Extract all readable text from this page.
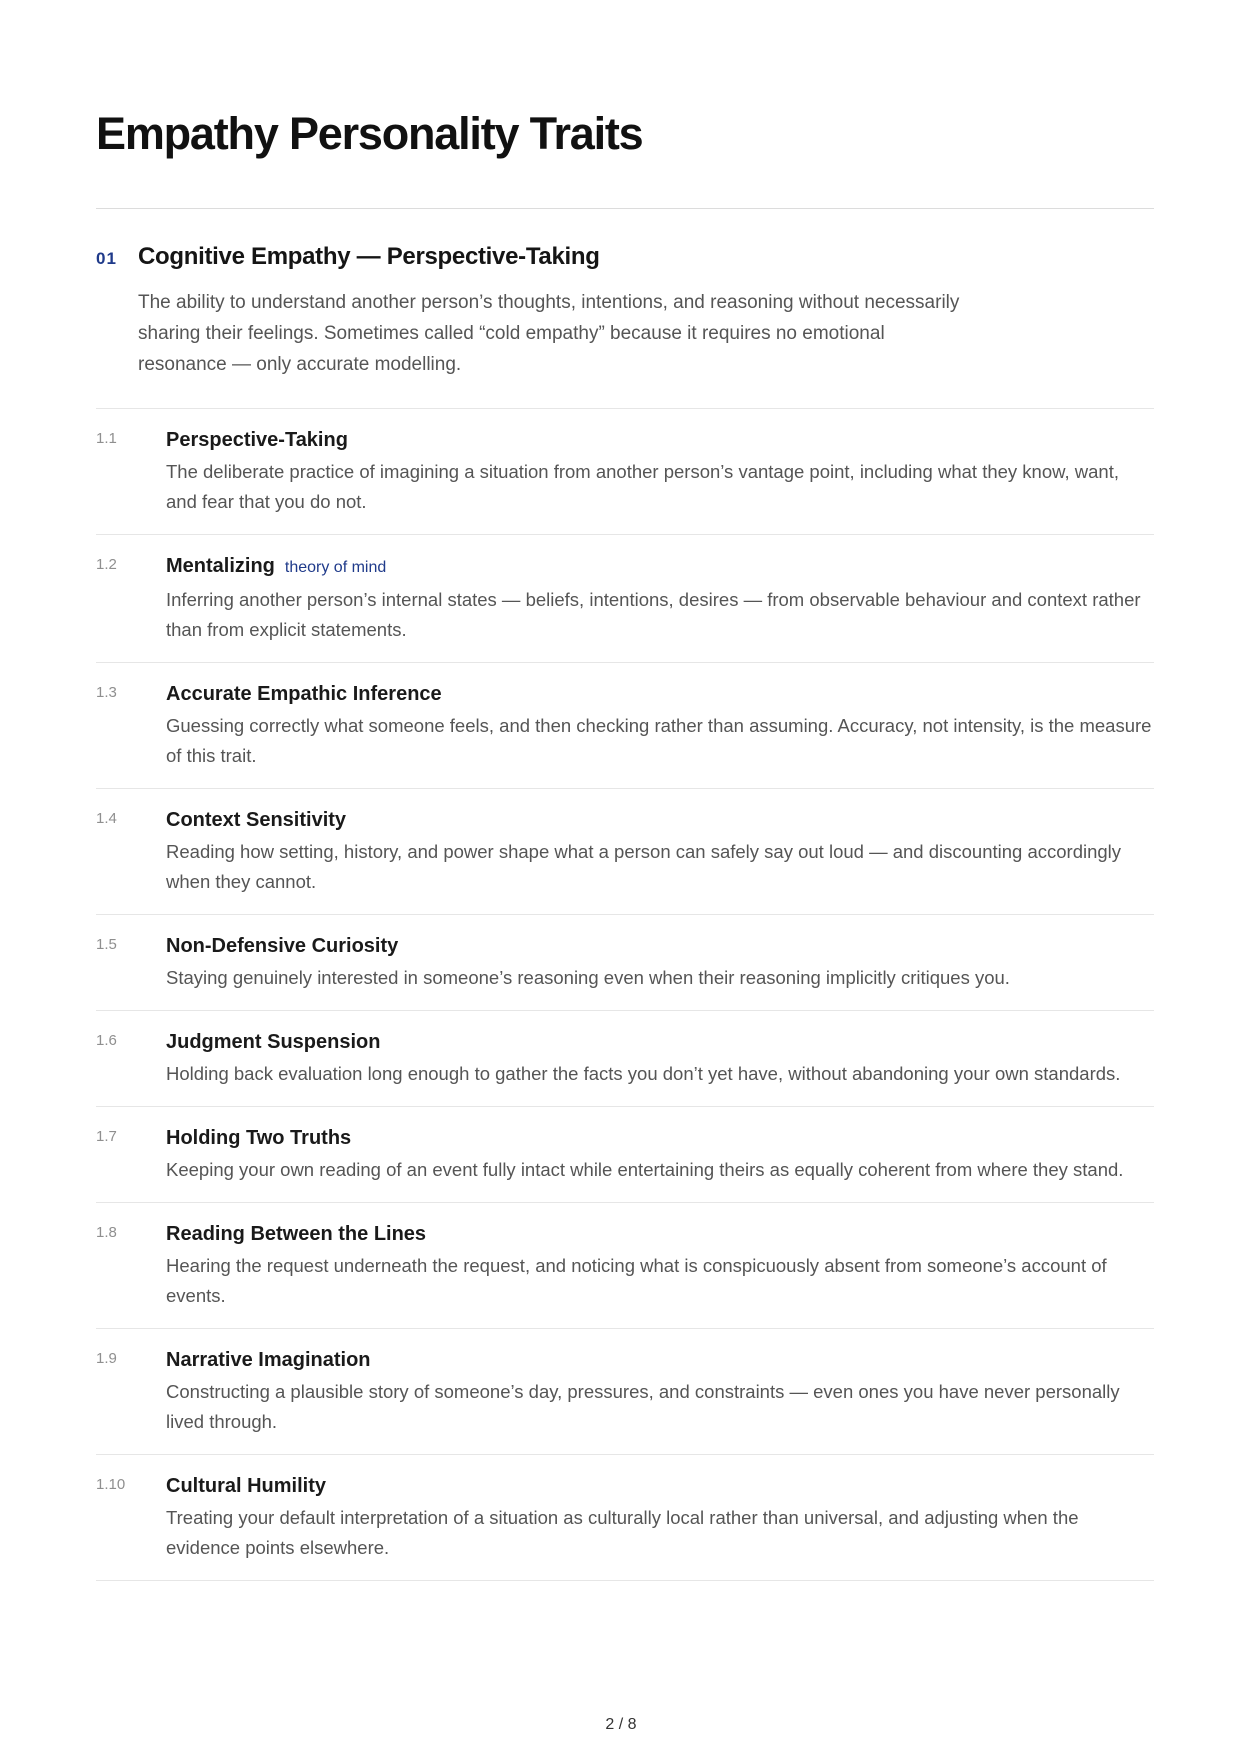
Empathy Personality Traits
01 Cognitive Empathy — Perspective-Taking

The ability to understand another person’s thoughts, intentions, and reasoning without necessarily sharing their feelings. Sometimes called “cold empathy” because it requires no emotional resonance — only accurate modelling.

1.1	Perspective-Taking
The deliberate practice of imagining a situation from another person’s vantage point, including what they know, want, and fear that you do not.
1.2	Mentalizing theory of mind
Inferring another person’s internal states — beliefs, intentions, desires — from observable behaviour and context rather than from explicit statements.
1.3	Accurate Empathic Inference
Guessing correctly what someone feels, and then checking rather than assuming. Accuracy, not intensity, is the measure of this trait.
1.4	Context Sensitivity
Reading how setting, history, and power shape what a person can safely say out loud — and discounting accordingly when they cannot.
1.5	Non-Defensive Curiosity
Staying genuinely interested in someone’s reasoning even when their reasoning implicitly critiques you.
1.6	Judgment Suspension
Holding back evaluation long enough to gather the facts you don’t yet have, without abandoning your own standards.
1.7	Holding Two Truths
Keeping your own reading of an event fully intact while entertaining theirs as equally coherent from where they stand.
1.8	Reading Between the Lines
Hearing the request underneath the request, and noticing what is conspicuously absent from someone’s account of events.
1.9	Narrative Imagination
Constructing a plausible story of someone’s day, pressures, and constraints — even ones you have never personally lived through.
1.10	Cultural Humility
Treating your default interpretation of a situation as culturally local rather than universal, and adjusting when the evidence points elsewhere.
2 / 8
